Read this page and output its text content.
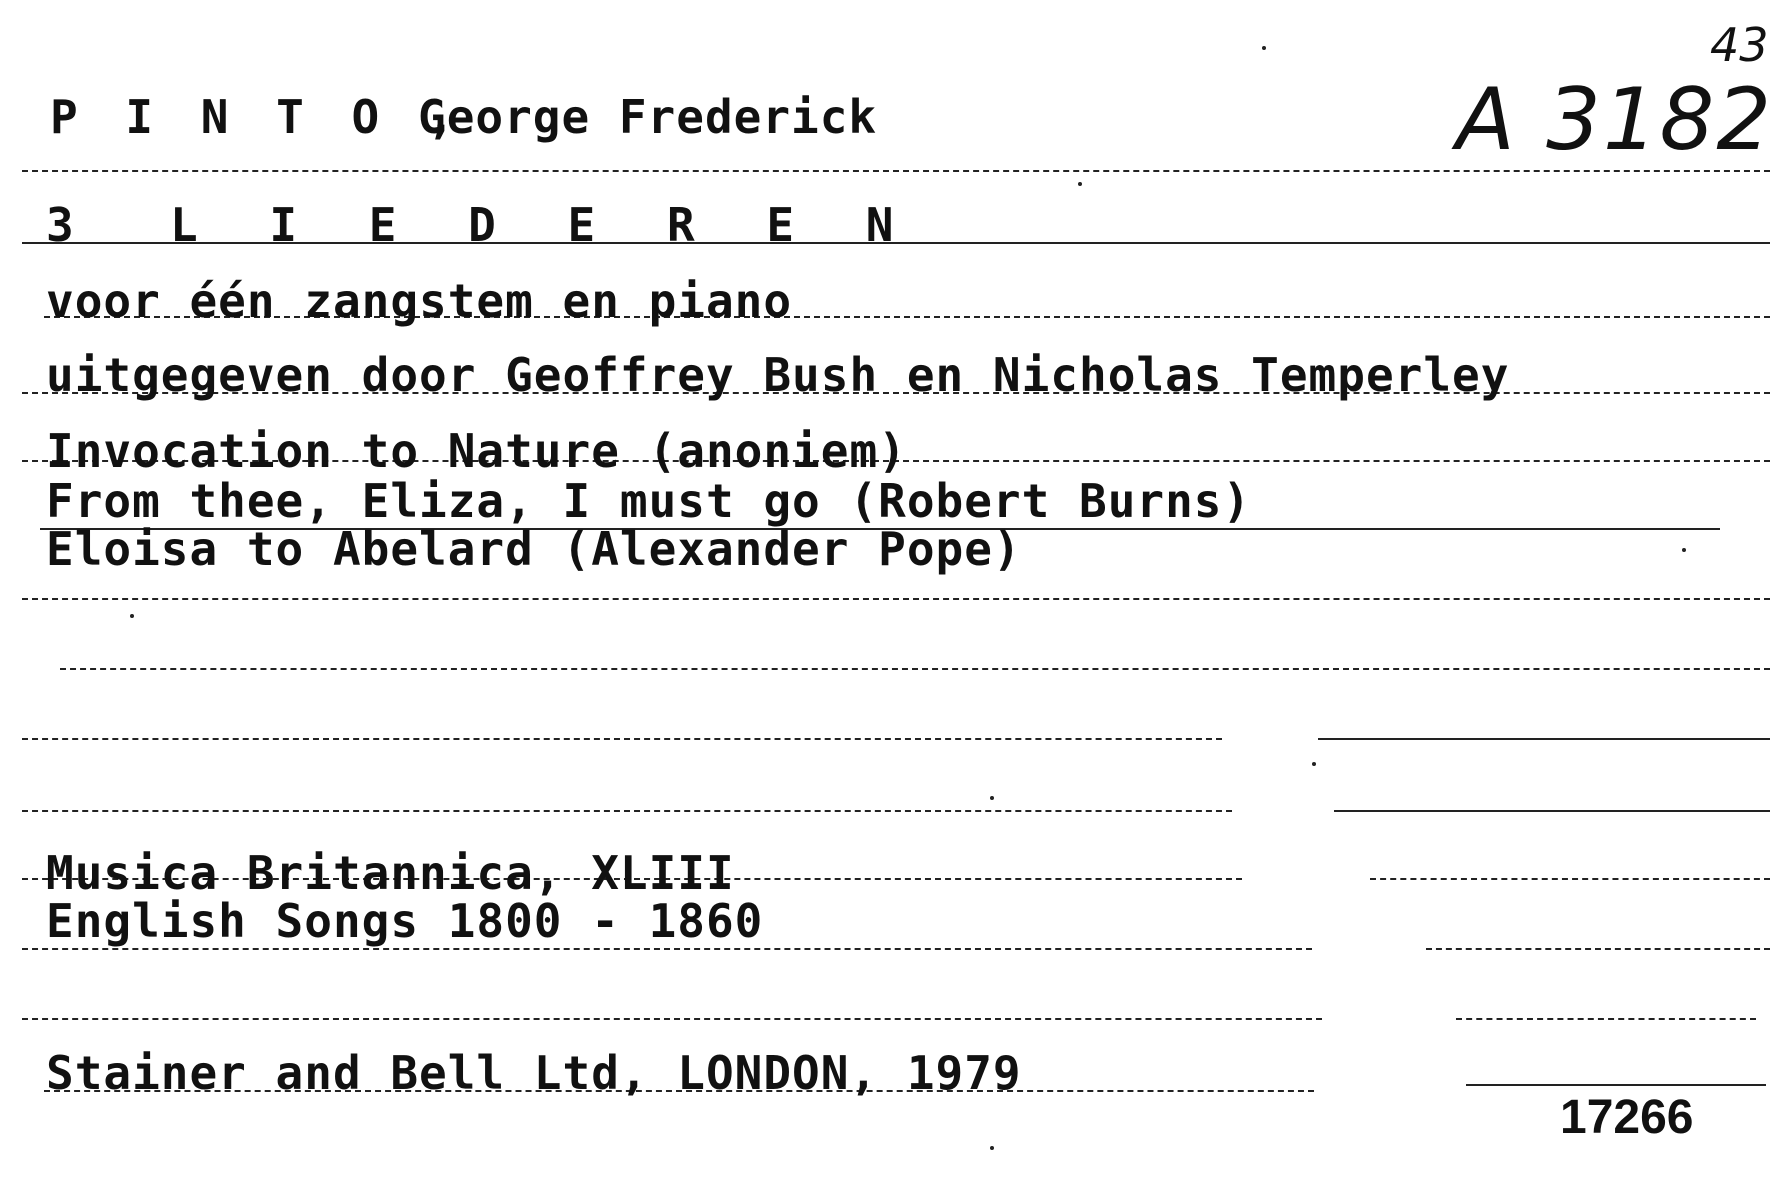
P I N T O ,
George Frederick
43
A 3182
3 L I E D E R E N
voor één zangstem en piano
uitgegeven door Geoffrey Bush en Nicholas Temperley
Invocation to Nature (anoniem)
From thee, Eliza, I must go (Robert Burns)
Eloisa to Abelard (Alexander Pope)
Musica Britannica, XLIII
English Songs 1800 - 1860
Stainer and Bell Ltd, LONDON, 1979
17266
